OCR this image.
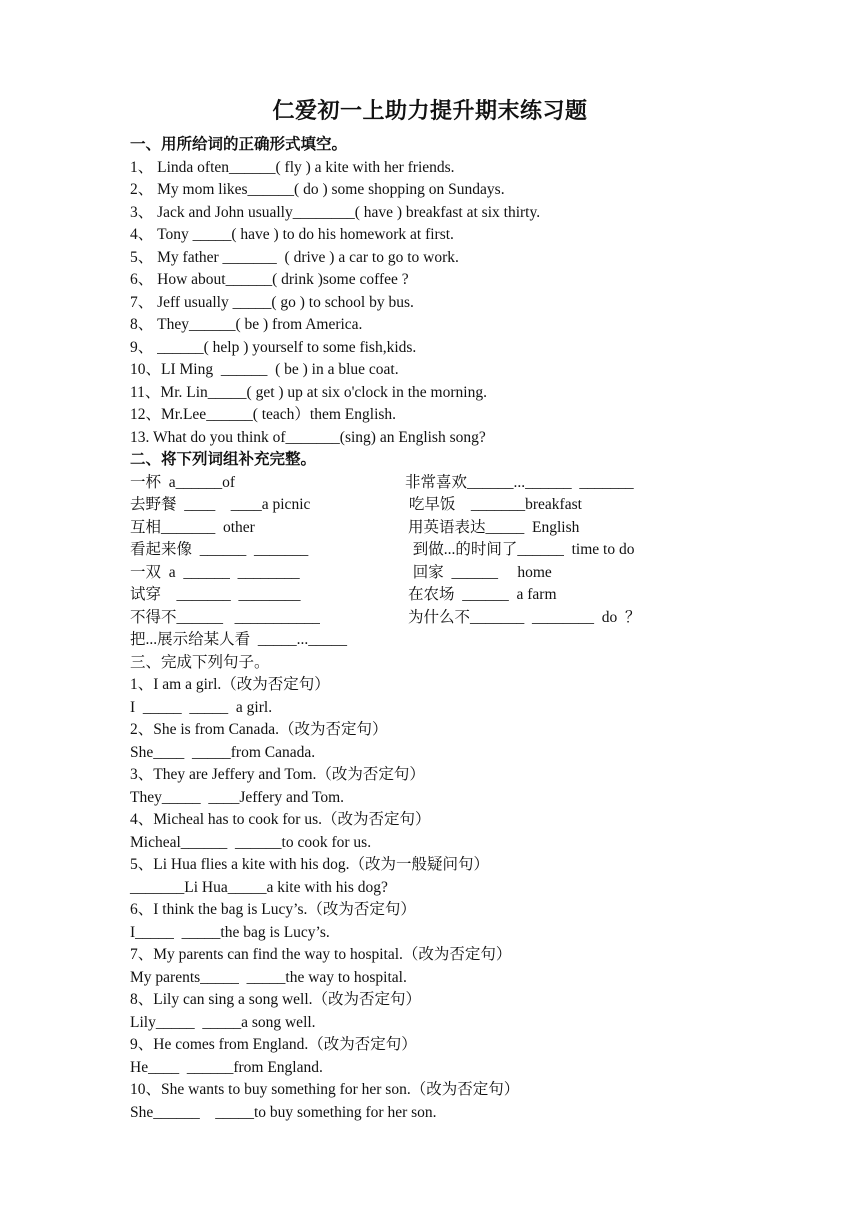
仁爱初一上助力提升期末练习题
一、用所给词的正确形式填空。
1、 Linda often______( fly ) a kite with her friends.
2、 My mom likes______( do ) some shopping on Sundays.
3、 Jack and John usually________( have ) breakfast at six thirty.
4、 Tony _____( have ) to do his homework at first.
5、 My father _______  ( drive ) a car to go to work.
6、 How about______( drink )some coffee ?
7、 Jeff usually _____( go ) to school by bus.
8、 They______( be ) from America.
9、 ______( help ) yourself to some fish,kids.
10、LI Ming  ______  ( be ) in a blue coat.
11、Mr. Lin_____( get ) up at six o'clock in the morning.
12、Mr.Lee______( teach）them English.
13. What do you think of_______(sing) an English song?
二、将下列词组补充完整。
一杯  a______of
去野餐  ____    ____a picnic
互相_______  other
看起来像  ______  _______
一双  a  ______  ________
试穿    _______  ________
不得不______   ___________
把...展示给某人看  _____..._____
非常喜欢______...______  _______
吃早饭    _______breakfast
用英语表达_____  English
到做...的时间了______  time to do
回家  ______     home
在农场  ______  a farm
为什么不_______  ________  do  ？
三、完成下列句子。
1、I am a girl.（改为否定句）
I  _____  _____  a girl.
2、She is from Canada.（改为否定句）
She____  _____from Canada.
3、They are Jeffery and Tom.（改为否定句）
They_____  ____Jeffery and Tom.
4、Micheal has to cook for us.（改为否定句）
Micheal______  ______to cook for us.
5、Li Hua flies a kite with his dog.（改为一般疑问句）
_______Li Hua_____a kite with his dog?
6、I think the bag is Lucy’s.（改为否定句）
I_____  _____the bag is Lucy’s.
7、My parents can find the way to hospital.（改为否定句）
My parents_____  _____the way to hospital.
8、Lily can sing a song well.（改为否定句）
Lily_____  _____a song well.
9、He comes from England.（改为否定句）
He____  ______from England.
10、She wants to buy something for her son.（改为否定句）
She______    _____to buy something for her son.
